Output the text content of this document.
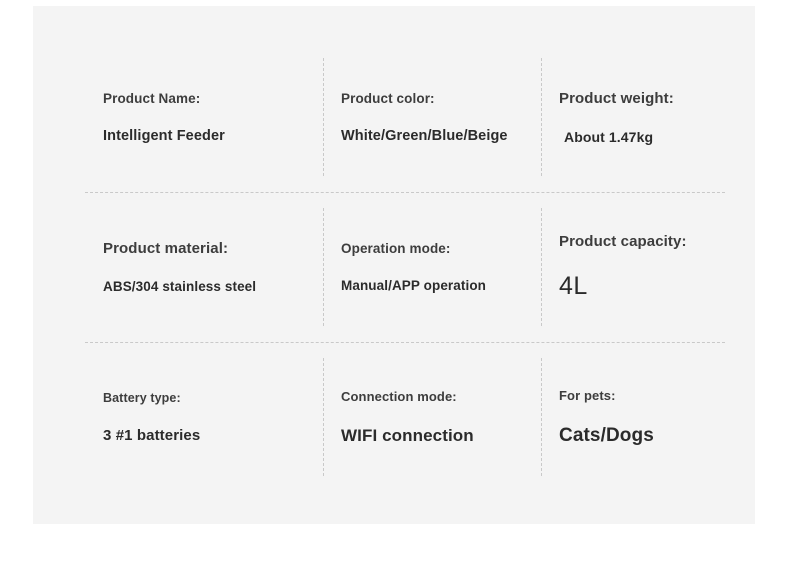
Product Name:
Intelligent Feeder
Product color:
White/Green/Blue/Beige
Product weight:
About 1.47kg
Product material:
ABS/304 stainless steel
Operation mode:
Manual/APP operation
Product capacity:
4L
Battery type:
3 #1 batteries
Connection mode:
WIFI connection
For pets:
Cats/Dogs
